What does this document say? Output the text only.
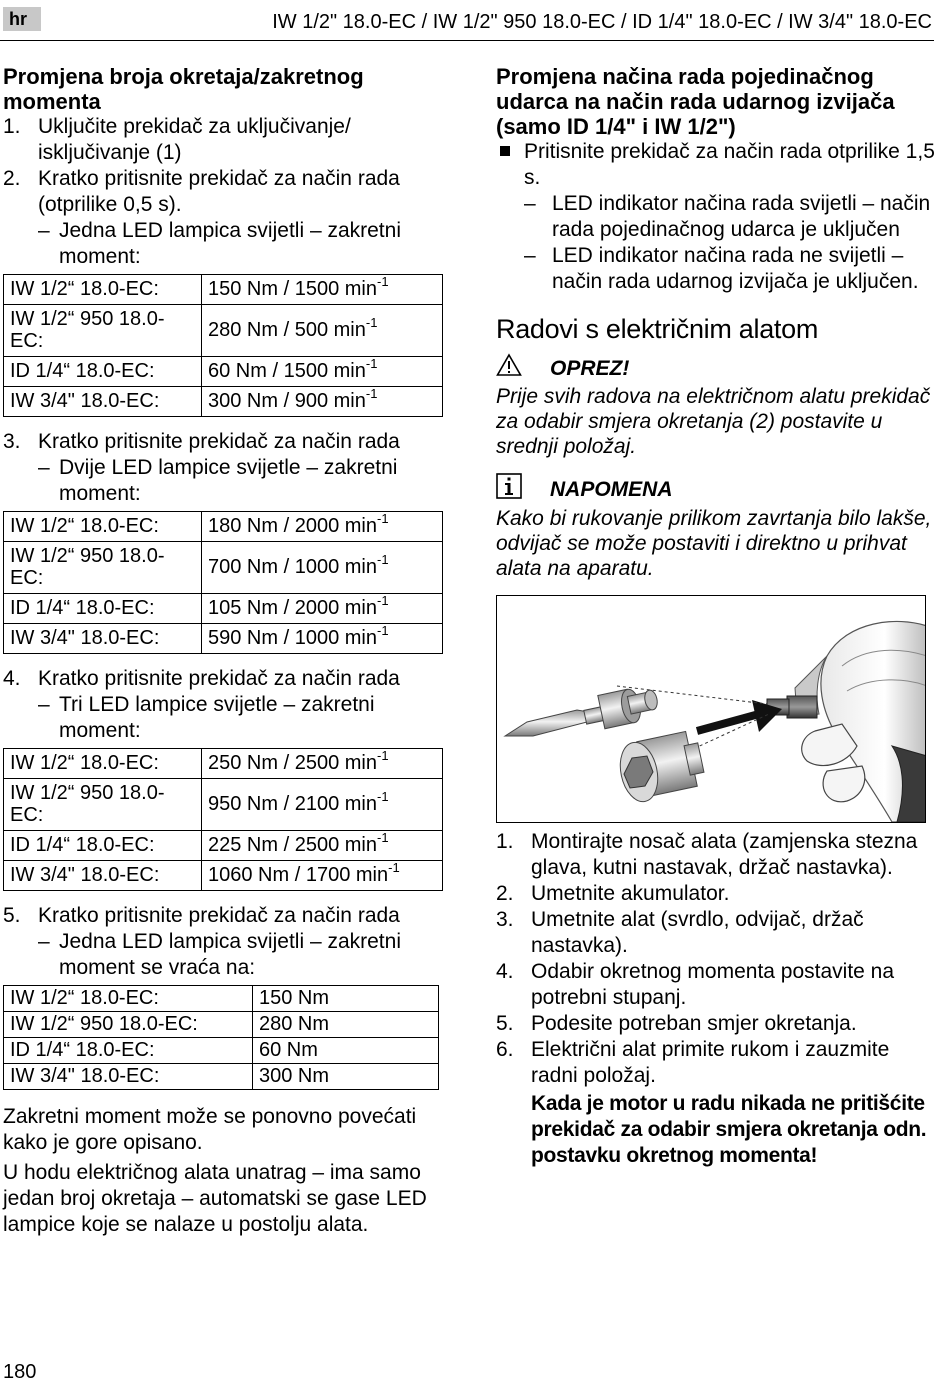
hr	IW 1/2" 18.0-EC / IW 1/2" 950 18.0-EC / ID 1/4" 18.0-EC / IW 3/4" 18.0-EC
Promjena broja okretaja/zakretnog momenta
1. Uključite prekidač za uključivanje/ isključivanje (1)
2. Kratko pritisnite prekidač za način rada (otprilike 0,5 s).
– Jedna LED lampica svijetli – zakretni moment:
IW 1/2“ 18.0-EC:	150 Nm / 1500 $\min^{-1}$
IW 1/2“ 950 18.0-EC:	280 Nm / 500 $\min^{-1}$
ID 1/4“ 18.0-EC:	60 Nm / 1500 $\min^{-1}$
IW 3/4" 18.0-EC:	300 Nm / 900 $\min^{-1}$
3. Kratko pritisnite prekidač za način rada
– Dvije LED lampice svijetle – zakretni moment:
IW 1/2“ 18.0-EC:	180 Nm / 2000 $\min^{-1}$
IW 1/2“ 950 18.0-EC:	700 Nm / 1000 $\min^{-1}$
ID 1/4“ 18.0-EC:	105 Nm / 2000 $\min^{-1}$
IW 3/4" 18.0-EC:	590 Nm / 1000 $\min^{-1}$
4. Kratko pritisnite prekidač za način rada
– Tri LED lampice svijetle – zakretni moment:
IW 1/2“ 18.0-EC:	250 Nm / 2500 $\min^{-1}$
IW 1/2“ 950 18.0-EC:	950 Nm / 2100 $\min^{-1}$
ID 1/4“ 18.0-EC:	225 Nm / 2500 $\min^{-1}$
IW 3/4" 18.0-EC:	1060 Nm / 1700 $\min^{-1}$
5. Kratko pritisnite prekidač za način rada
– Jedna LED lampica svijetli – zakretni moment se vraća na:
IW 1/2“ 18.0-EC:	150 Nm
IW 1/2“ 950 18.0-EC:	280 Nm
ID 1/4“ 18.0-EC:	60 Nm
IW 3/4" 18.0-EC:	300 Nm
Zakretni moment može se ponovno povećati kako je gore opisano.
U hodu električnog alata unatrag – ima samo jedan broj okretaja – automatski se gase LED lampice koje se nalaze u postolju alata.
Promjena načina rada pojedinačnog udarca na način rada udarnog izvijača (samo ID 1/4" i IW 1/2")
Pritisnite prekidač za način rada otprilike 1,5 s.
– LED indikator načina rada svijetli – način rada pojedinačnog udarca je uključen
– LED indikator načina rada ne svijetli – način rada udarnog izvijača je uključen.
Radovi s električnim alatom
OPREZ!
Prije svih radova na električnom alatu prekidač za odabir smjera okretanja (2) postavite u srednji položaj.
NAPOMENA
Kako bi rukovanje prilikom zavrtanja bilo lakše, odvijač se može postaviti i direktno u prihvat alata na aparatu.
1. Montirajte nosač alata (zamjenska stezna glava, kutni nastavak, držač nastavka).
2. Umetnite akumulator.
3. Umetnite alat (svrdlo, odvijač, držač nastavka).
4. Odabir okretnog momenta postavite na potrebni stupanj.
5. Podesite potreban smjer okretanja.
6. Električni alat primite rukom i zauzmite radni položaj.
Kada je motor u radu nikada ne pritišćite prekidač za odabir smjera okretanja odn. postavku okretnog momenta!
180
